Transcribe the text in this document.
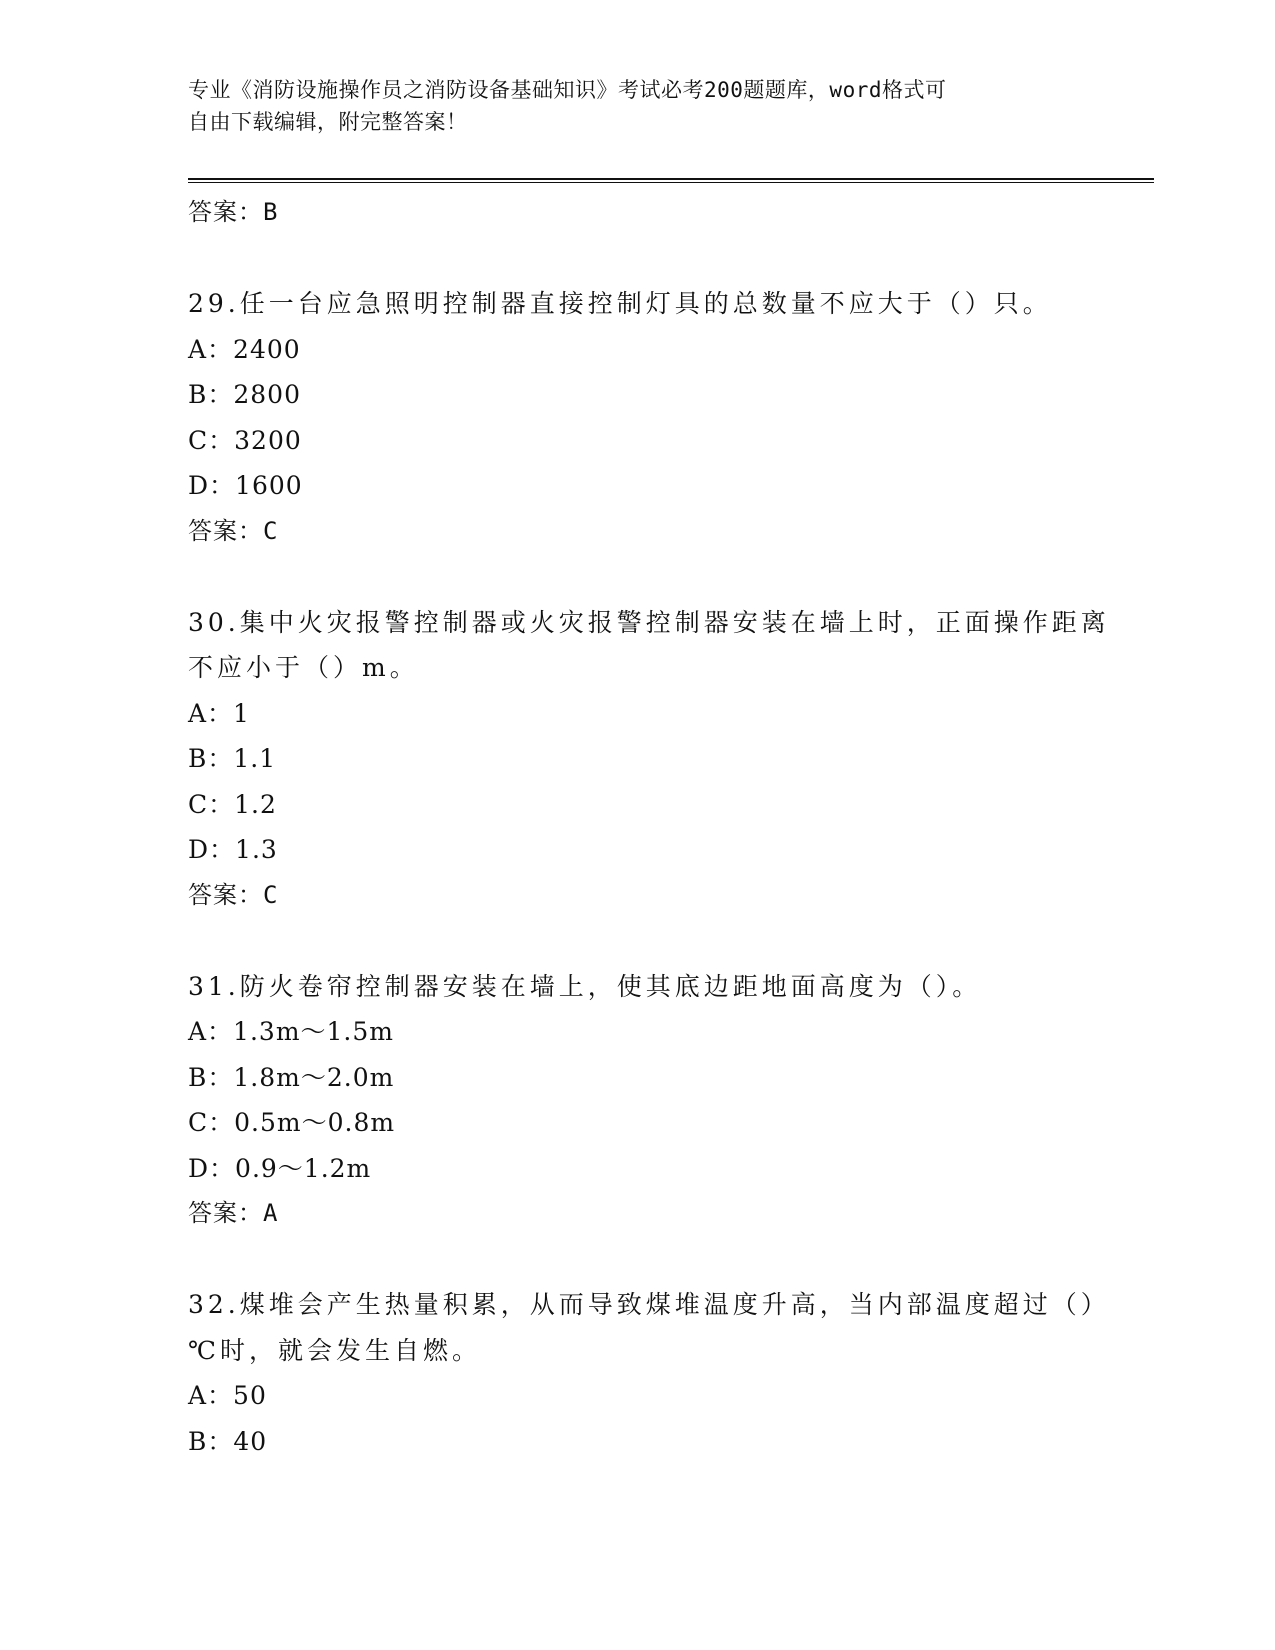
专业《消防设施操作员之消防设备基础知识》考试必考200题题库，word格式可
自由下载编辑，附完整答案！
答案：B
29.任一台应急照明控制器直接控制灯具的总数量不应大于（）只。
A：2400
B：2800
C：3200
D：1600
答案：C
30.集中火灾报警控制器或火灾报警控制器安装在墙上时，正面操作距离不应小于（）m。
A：1
B：1.1
C：1.2
D：1.3
答案：C
31.防火卷帘控制器安装在墙上，使其底边距地面高度为（）。
A：1.3m～1.5m
B：1.8m～2.0m
C：0.5m～0.8m
D：0.9～1.2m
答案：A
32.煤堆会产生热量积累，从而导致煤堆温度升高，当内部温度超过（）℃时，就会发生自燃。
A：50
B：40
